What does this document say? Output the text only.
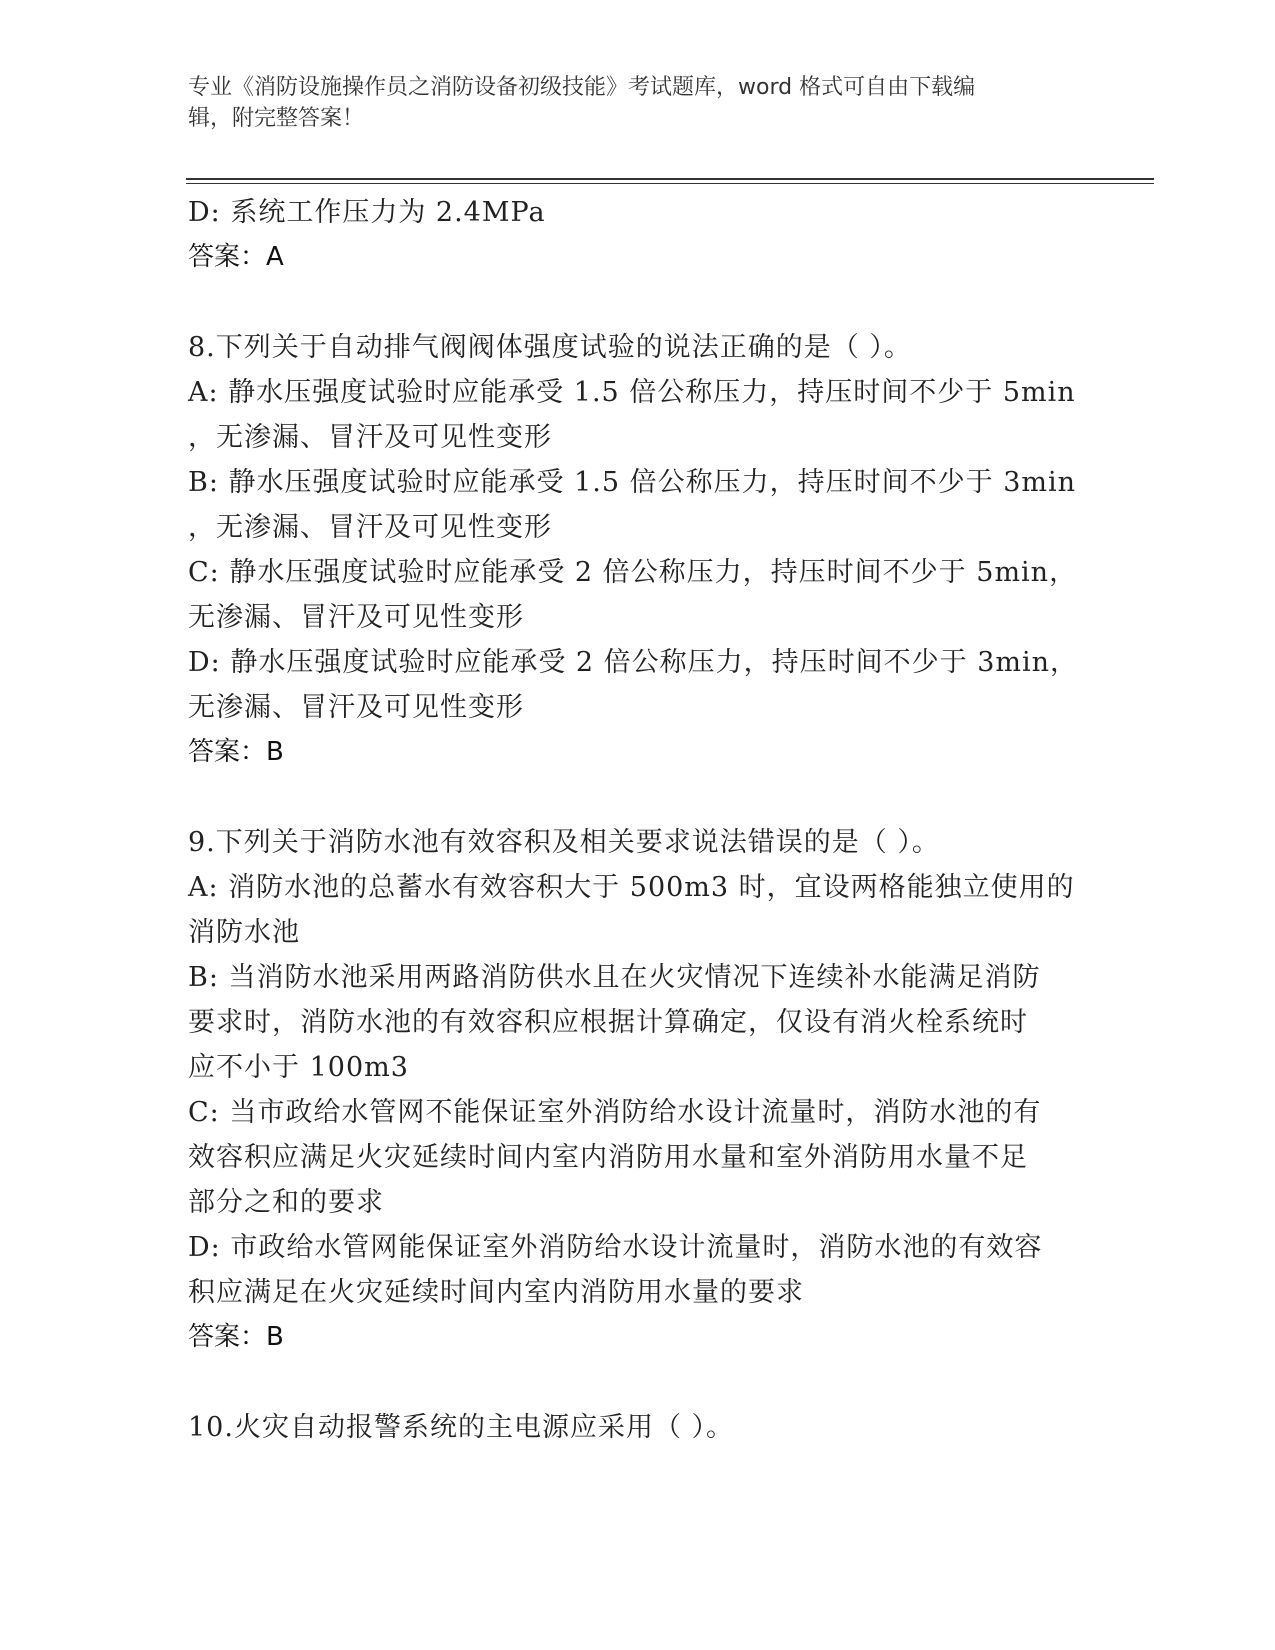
专业《消防设施操作员之消防设备初级技能》考试题库，word 格式可自由下载编
辑，附完整答案！
D: 系统工作压力为 2.4MPa
答案：A
8.下列关于自动排气阀阀体强度试验的说法正确的是（ ）。
A: 静水压强度试验时应能承受 1.5 倍公称压力，持压时间不少于 5min
，无渗漏、冒汗及可见性变形
B: 静水压强度试验时应能承受 1.5 倍公称压力，持压时间不少于 3min
，无渗漏、冒汗及可见性变形
C: 静水压强度试验时应能承受 2 倍公称压力，持压时间不少于 5min，
无渗漏、冒汗及可见性变形
D: 静水压强度试验时应能承受 2 倍公称压力，持压时间不少于 3min，
无渗漏、冒汗及可见性变形
答案：B
9.下列关于消防水池有效容积及相关要求说法错误的是（ ）。
A: 消防水池的总蓄水有效容积大于 500m3 时，宜设两格能独立使用的
消防水池
B: 当消防水池采用两路消防供水且在火灾情况下连续补水能满足消防
要求时，消防水池的有效容积应根据计算确定，仅设有消火栓系统时
应不小于 100m3
C: 当市政给水管网不能保证室外消防给水设计流量时，消防水池的有
效容积应满足火灾延续时间内室内消防用水量和室外消防用水量不足
部分之和的要求
D: 市政给水管网能保证室外消防给水设计流量时，消防水池的有效容
积应满足在火灾延续时间内室内消防用水量的要求
答案：B
10.火灾自动报警系统的主电源应采用（ ）。
